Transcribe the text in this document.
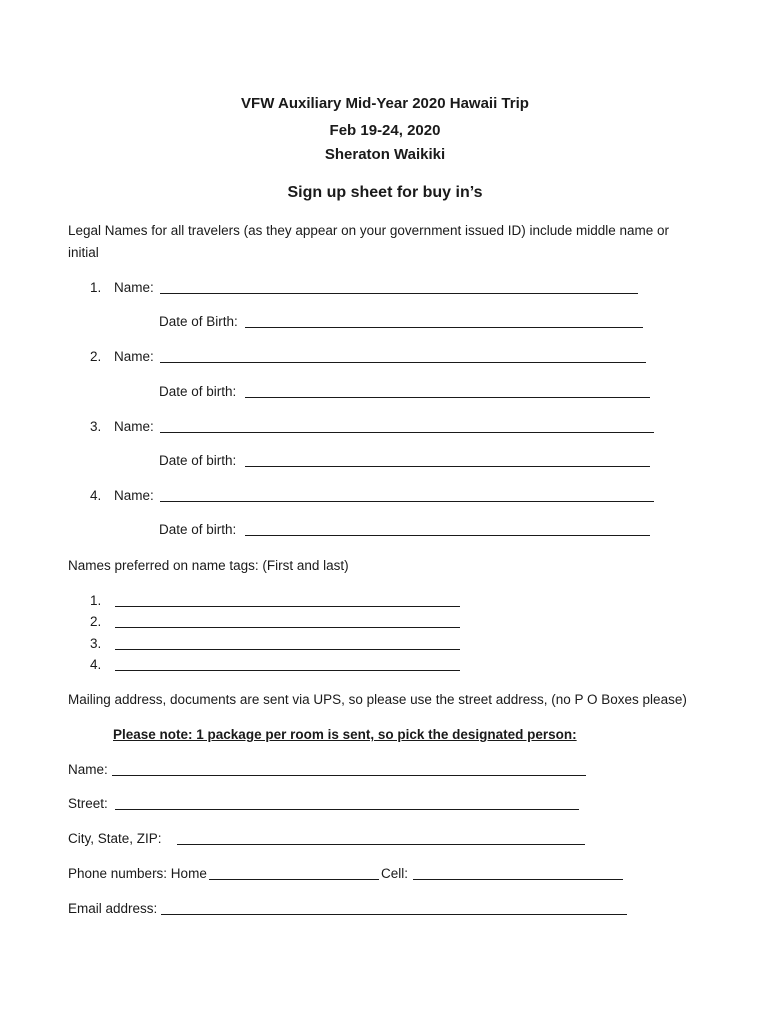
VFW Auxiliary Mid-Year 2020 Hawaii Trip
Feb 19-24, 2020
Sheraton Waikiki
Sign up sheet for buy in’s
Legal Names for all travelers (as they appear on your government issued ID) include middle name or
initial
1. Name:
Date of Birth:
2. Name:
Date of birth:
3. Name:
Date of birth:
4. Name:
Date of birth:
Names preferred on name tags: (First and last)
1.
2.
3.
4.
Mailing address, documents are sent via UPS, so please use the street address, (no P O Boxes please)
Please note: 1 package per room is sent, so pick the designated person:
Name:
Street:
City, State, ZIP:
Phone numbers: Home	Cell:
Email address:
